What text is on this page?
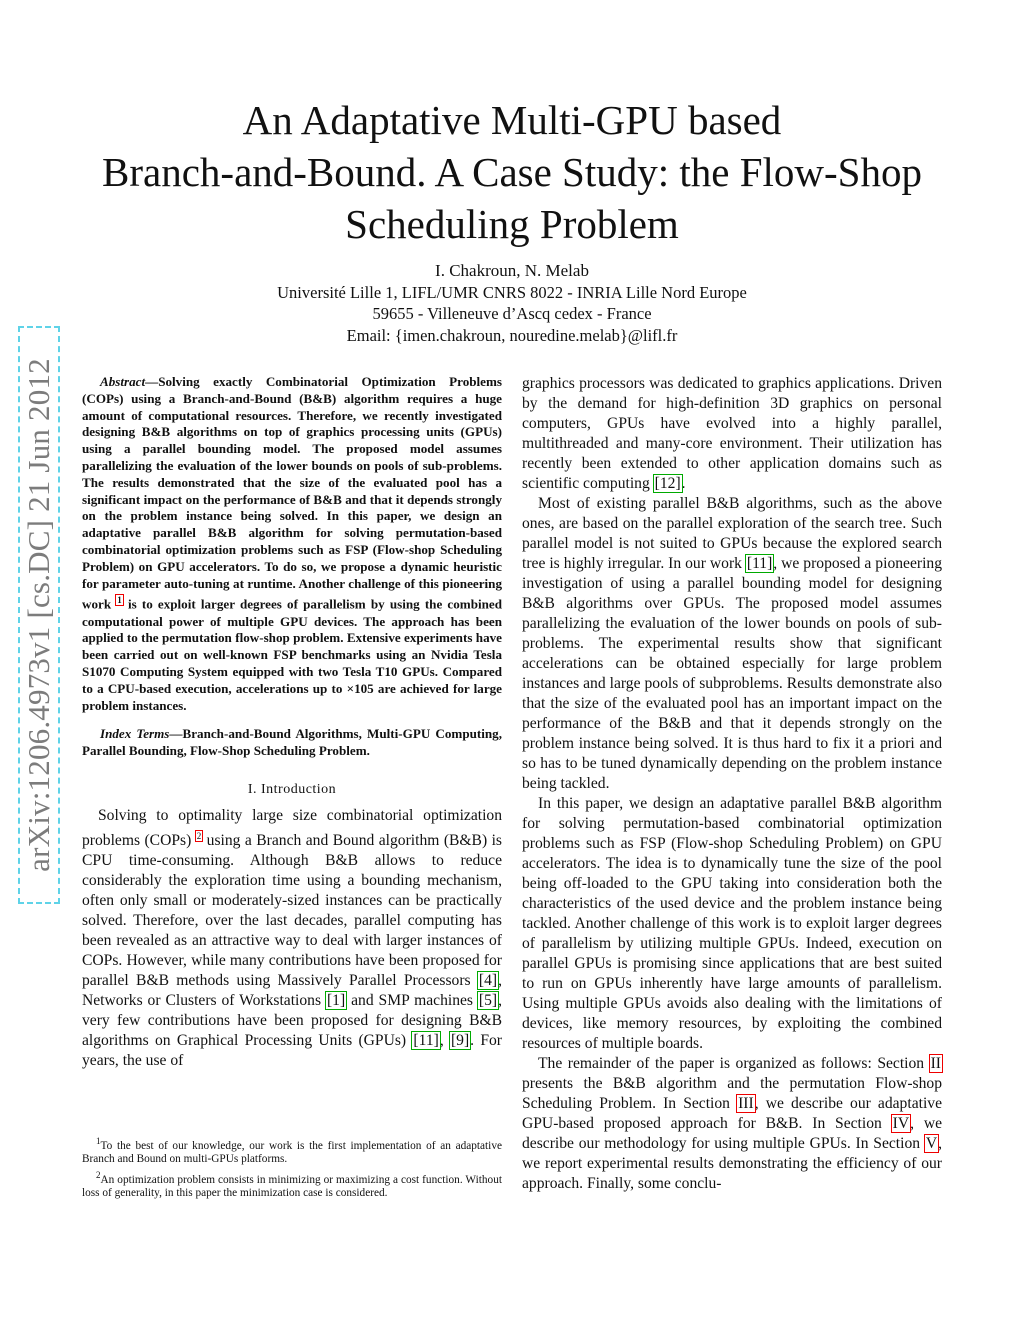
arXiv:1206.4973v1 [cs.DC] 21 Jun 2012
An Adaptative Multi-GPU based
Branch-and-Bound. A Case Study: the Flow-Shop
Scheduling Problem
I. Chakroun, N. Melab
Université Lille 1, LIFL/UMR CNRS 8022 - INRIA Lille Nord Europe
59655 - Villeneuve d’Ascq cedex - France
Email: {imen.chakroun, nouredine.melab}@lifl.fr

Abstract—Solving exactly Combinatorial Optimization Problems (COPs) using a Branch-and-Bound (B&B) algorithm requires a huge amount of computational resources. Therefore, we recently investigated designing B&B algorithms on top of graphics processing units (GPUs) using a parallel bounding model. The proposed model assumes parallelizing the evaluation of the lower bounds on pools of sub-problems. The results demonstrated that the size of the evaluated pool has a significant impact on the performance of B&B and that it depends strongly on the problem instance being solved. In this paper, we design an adaptative parallel B&B algorithm for solving permutation-based combinatorial optimization problems such as FSP (Flow-shop Scheduling Problem) on GPU accelerators. To do so, we propose a dynamic heuristic for parameter auto-tuning at runtime. Another challenge of this pioneering work $^1$ is to exploit larger degrees of parallelism by using the combined computational power of multiple GPU devices. The approach has been applied to the permutation flow-shop problem. Extensive experiments have been carried out on well-known FSP benchmarks using an Nvidia Tesla S1070 Computing System equipped with two Tesla T10 GPUs. Compared to a CPU-based execution, accelerations up to ×105 are achieved for large problem instances.

Index Terms—Branch-and-Bound Algorithms, Multi-GPU Computing, Parallel Bounding, Flow-Shop Scheduling Problem.

I. Introduction

Solving to optimality large size combinatorial optimization problems (COPs) $^2$ using a Branch and Bound algorithm (B&B) is CPU time-consuming. Although B&B allows to reduce considerably the exploration time using a bounding mechanism, often only small or moderately-sized instances can be practically solved. Therefore, over the last decades, parallel computing has been revealed as an attractive way to deal with larger instances of COPs. However, while many contributions have been proposed for parallel B&B methods using Massively Parallel Processors [4], Networks or Clusters of Workstations [1] and SMP machines [5], very few contributions have been proposed for designing B&B algorithms on Graphical Processing Units (GPUs) [11], [9]. For years, the use of

$^1$To the best of our knowledge, our work is the first implementation of an adaptative Branch and Bound on multi-GPUs platforms.

$^2$An optimization problem consists in minimizing or maximizing a cost function. Without loss of generality, in this paper the minimization case is considered.

graphics processors was dedicated to graphics applications. Driven by the demand for high-definition 3D graphics on personal computers, GPUs have evolved into a highly parallel, multithreaded and many-core environment. Their utilization has recently been extended to other application domains such as scientific computing [12].

Most of existing parallel B&B algorithms, such as the above ones, are based on the parallel exploration of the search tree. Such parallel model is not suited to GPUs because the explored search tree is highly irregular. In our work [11], we proposed a pioneering investigation of using a parallel bounding model for designing B&B algorithms over GPUs. The proposed model assumes parallelizing the evaluation of the lower bounds on pools of sub-problems. The experimental results show that significant accelerations can be obtained especially for large problem instances and large pools of subproblems. Results demonstrate also that the size of the evaluated pool has an important impact on the performance of the B&B and that it depends strongly on the problem instance being solved. It is thus hard to fix it a priori and so has to be tuned dynamically depending on the problem instance being tackled.

In this paper, we design an adaptative parallel B&B algorithm for solving permutation-based combinatorial optimization problems such as FSP (Flow-shop Scheduling Problem) on GPU accelerators. The idea is to dynamically tune the size of the pool being off-loaded to the GPU taking into consideration both the characteristics of the used device and the problem instance being tackled. Another challenge of this work is to exploit larger degrees of parallelism by utilizing multiple GPUs. Indeed, execution on parallel GPUs is promising since applications that are best suited to run on GPUs inherently have large amounts of parallelism. Using multiple GPUs avoids also dealing with the limitations of devices, like memory resources, by exploiting the combined resources of multiple boards.

The remainder of the paper is organized as follows: Section II presents the B&B algorithm and the permutation Flow-shop Scheduling Problem. In Section III, we describe our adaptative GPU-based proposed approach for B&B. In Section IV, we describe our methodology for using multiple GPUs. In Section V, we report experimental results demonstrating the efficiency of our approach. Finally, some conclu-
